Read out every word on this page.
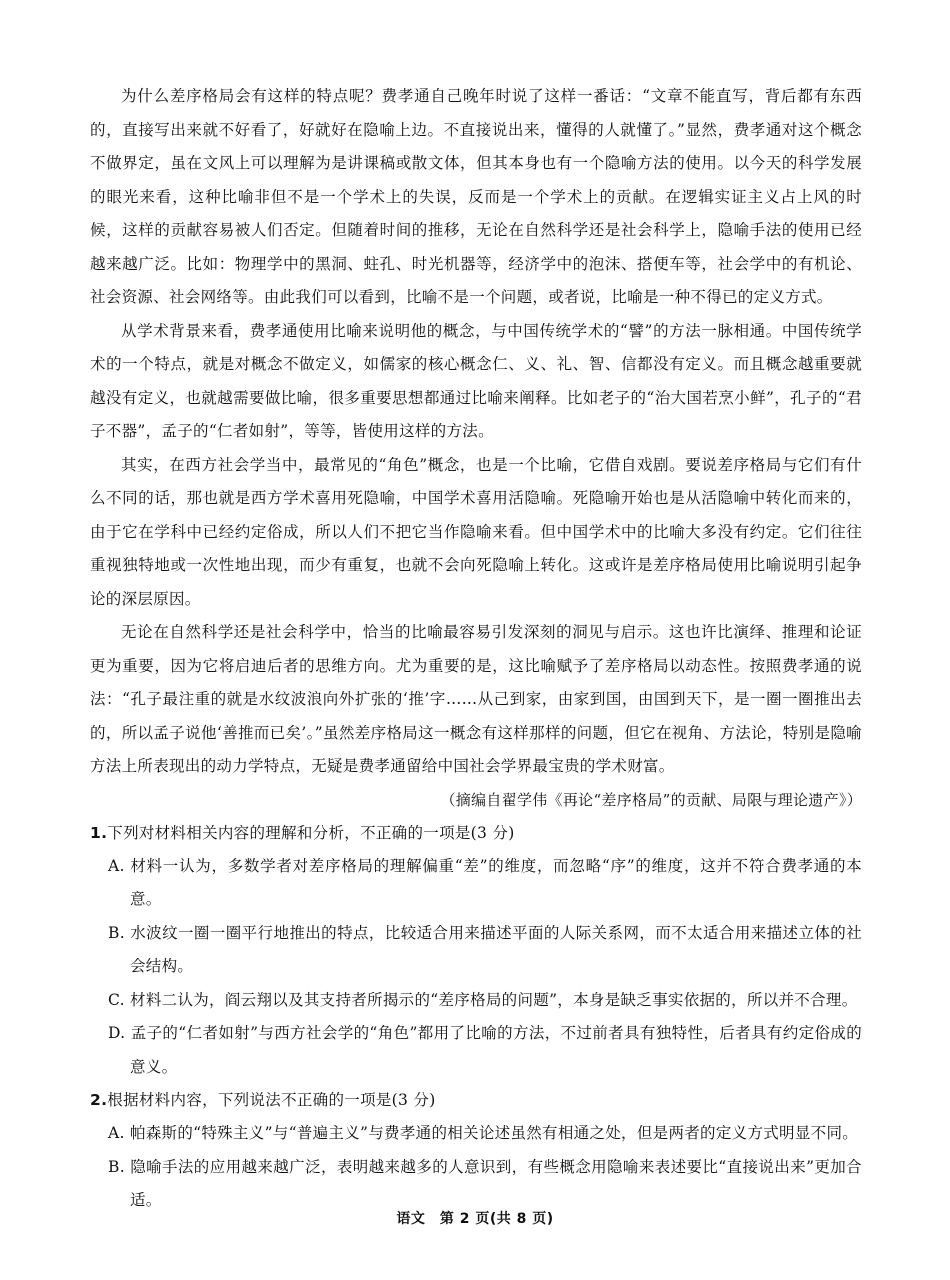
为什么差序格局会有这样的特点呢？费孝通自己晚年时说了这样一番话：“文章不能直写，背后都有东西的，直接写出来就不好看了，好就好在隐喻上边。不直接说出来，懂得的人就懂了。”显然，费孝通对这个概念不做界定，虽在文风上可以理解为是讲课稿或散文体，但其本身也有一个隐喻方法的使用。以今天的科学发展的眼光来看，这种比喻非但不是一个学术上的失误，反而是一个学术上的贡献。在逻辑实证主义占上风的时候，这样的贡献容易被人们否定。但随着时间的推移，无论在自然科学还是社会科学上，隐喻手法的使用已经越来越广泛。比如：物理学中的黑洞、蛀孔、时光机器等，经济学中的泡沫、搭便车等，社会学中的有机论、社会资源、社会网络等。由此我们可以看到，比喻不是一个问题，或者说，比喻是一种不得已的定义方式。

从学术背景来看，费孝通使用比喻来说明他的概念，与中国传统学术的“譬”的方法一脉相通。中国传统学术的一个特点，就是对概念不做定义，如儒家的核心概念仁、义、礼、智、信都没有定义。而且概念越重要就越没有定义，也就越需要做比喻，很多重要思想都通过比喻来阐释。比如老子的“治大国若烹小鲜”，孔子的“君子不器”，孟子的“仁者如射”，等等，皆使用这样的方法。

其实，在西方社会学当中，最常见的“角色”概念，也是一个比喻，它借自戏剧。要说差序格局与它们有什么不同的话，那也就是西方学术喜用死隐喻，中国学术喜用活隐喻。死隐喻开始也是从活隐喻中转化而来的，由于它在学科中已经约定俗成，所以人们不把它当作隐喻来看。但中国学术中的比喻大多没有约定。它们往往重视独特地或一次性地出现，而少有重复，也就不会向死隐喻上转化。这或许是差序格局使用比喻说明引起争论的深层原因。

无论在自然科学还是社会科学中，恰当的比喻最容易引发深刻的洞见与启示。这也许比演绎、推理和论证更为重要，因为它将启迪后者的思维方向。尤为重要的是，这比喻赋予了差序格局以动态性。按照费孝通的说法：“孔子最注重的就是水纹波浪向外扩张的‘推’字……从己到家，由家到国，由国到天下，是一圈一圈推出去的，所以孟子说他‘善推而已矣’。”虽然差序格局这一概念有这样那样的问题，但它在视角、方法论，特别是隐喻方法上所表现出的动力学特点，无疑是费孝通留给中国社会学界最宝贵的学术财富。

（摘编自翟学伟《再论“差序格局”的贡献、局限与理论遗产》）

1.下列对材料相关内容的理解和分析，不正确的一项是(3 分)

A. 材料一认为，多数学者对差序格局的理解偏重“差”的维度，而忽略“序”的维度，这并不符合费孝通的本意。

B. 水波纹一圈一圈平行地推出的特点，比较适合用来描述平面的人际关系网，而不太适合用来描述立体的社会结构。

C. 材料二认为，阎云翔以及其支持者所揭示的“差序格局的问题”，本身是缺乏事实依据的，所以并不合理。

D. 孟子的“仁者如射”与西方社会学的“角色”都用了比喻的方法，不过前者具有独特性，后者具有约定俗成的意义。

2.根据材料内容，下列说法不正确的一项是(3 分)

A. 帕森斯的“特殊主义”与“普遍主义”与费孝通的相关论述虽然有相通之处，但是两者的定义方式明显不同。

B. 隐喻手法的应用越来越广泛，表明越来越多的人意识到，有些概念用隐喻来表述要比“直接说出来”更加合适。

语文　第 2 页(共 8 页)
